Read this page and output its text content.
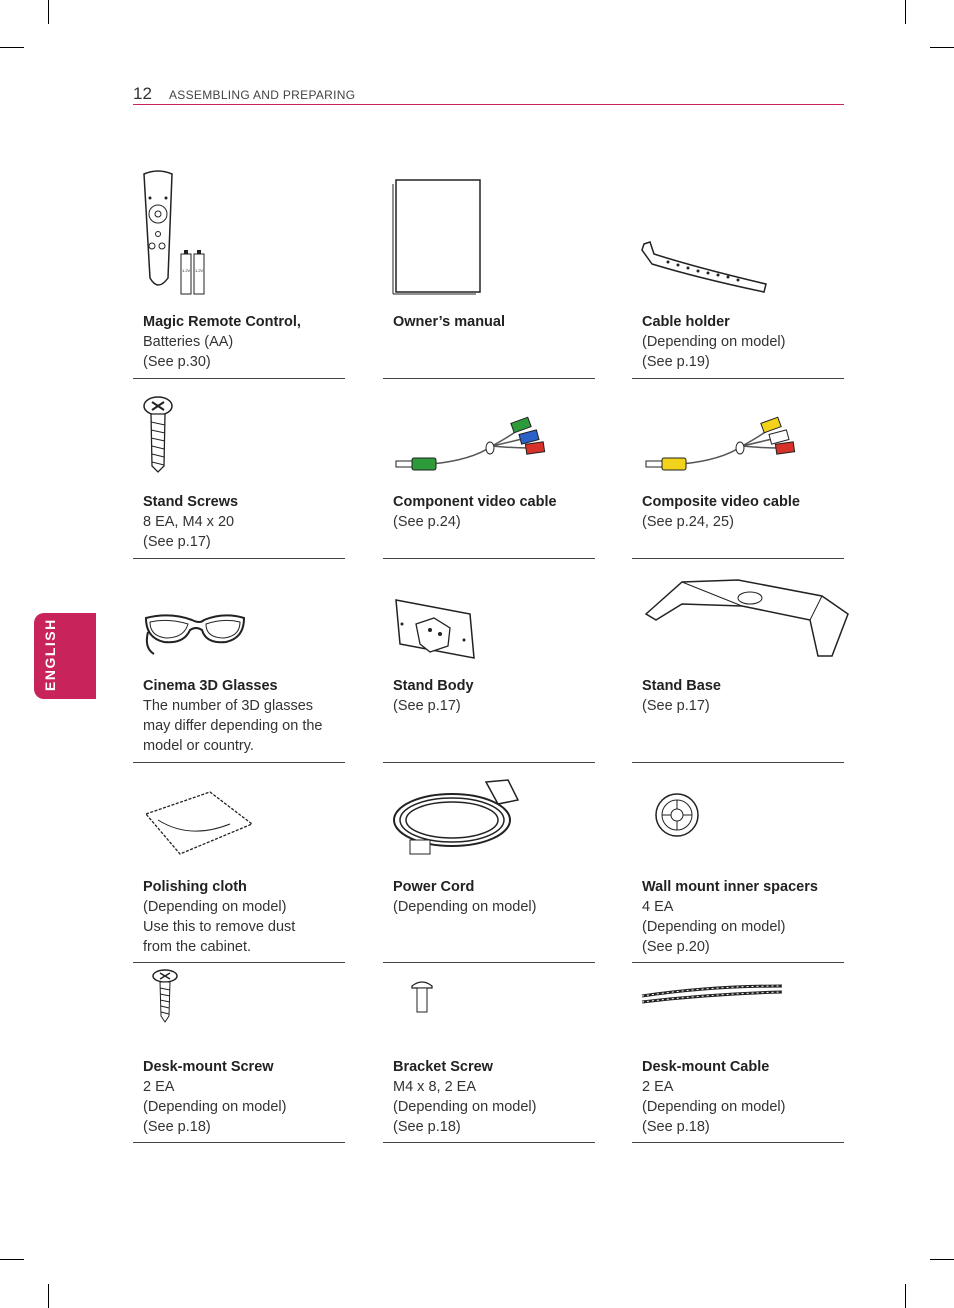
12 ASSEMBLING AND PREPARING
ENGLISH
Magic Remote Control,
Batteries (AA)
(See p.30)
Owner’s manual	Cable holder
(Depending on model)
(See p.19)
Stand Screws
8 EA, M4 x 20
(See p.17)
Component video cable
(See p.24)
Composite video cable
(See p.24, 25)
Cinema 3D Glasses
The number of 3D glasses
may differ depending on the
model or country.
Stand Body
(See p.17)
Stand Base
(See p.17)
Polishing cloth
(Depending on model)
Use this to remove dust
from the cabinet.
Power Cord
(Depending on model)
Wall mount inner spacers
4 EA
(Depending on model)
(See p.20)
Desk-mount Screw
2 EA
(Depending on model)
(See p.18)
Bracket Screw
M4 x 8, 2 EA
(Depending on model)
(See p.18)
Desk-mount Cable
2 EA
(Depending on model)
(See p.18)
1.2V 1.2V
